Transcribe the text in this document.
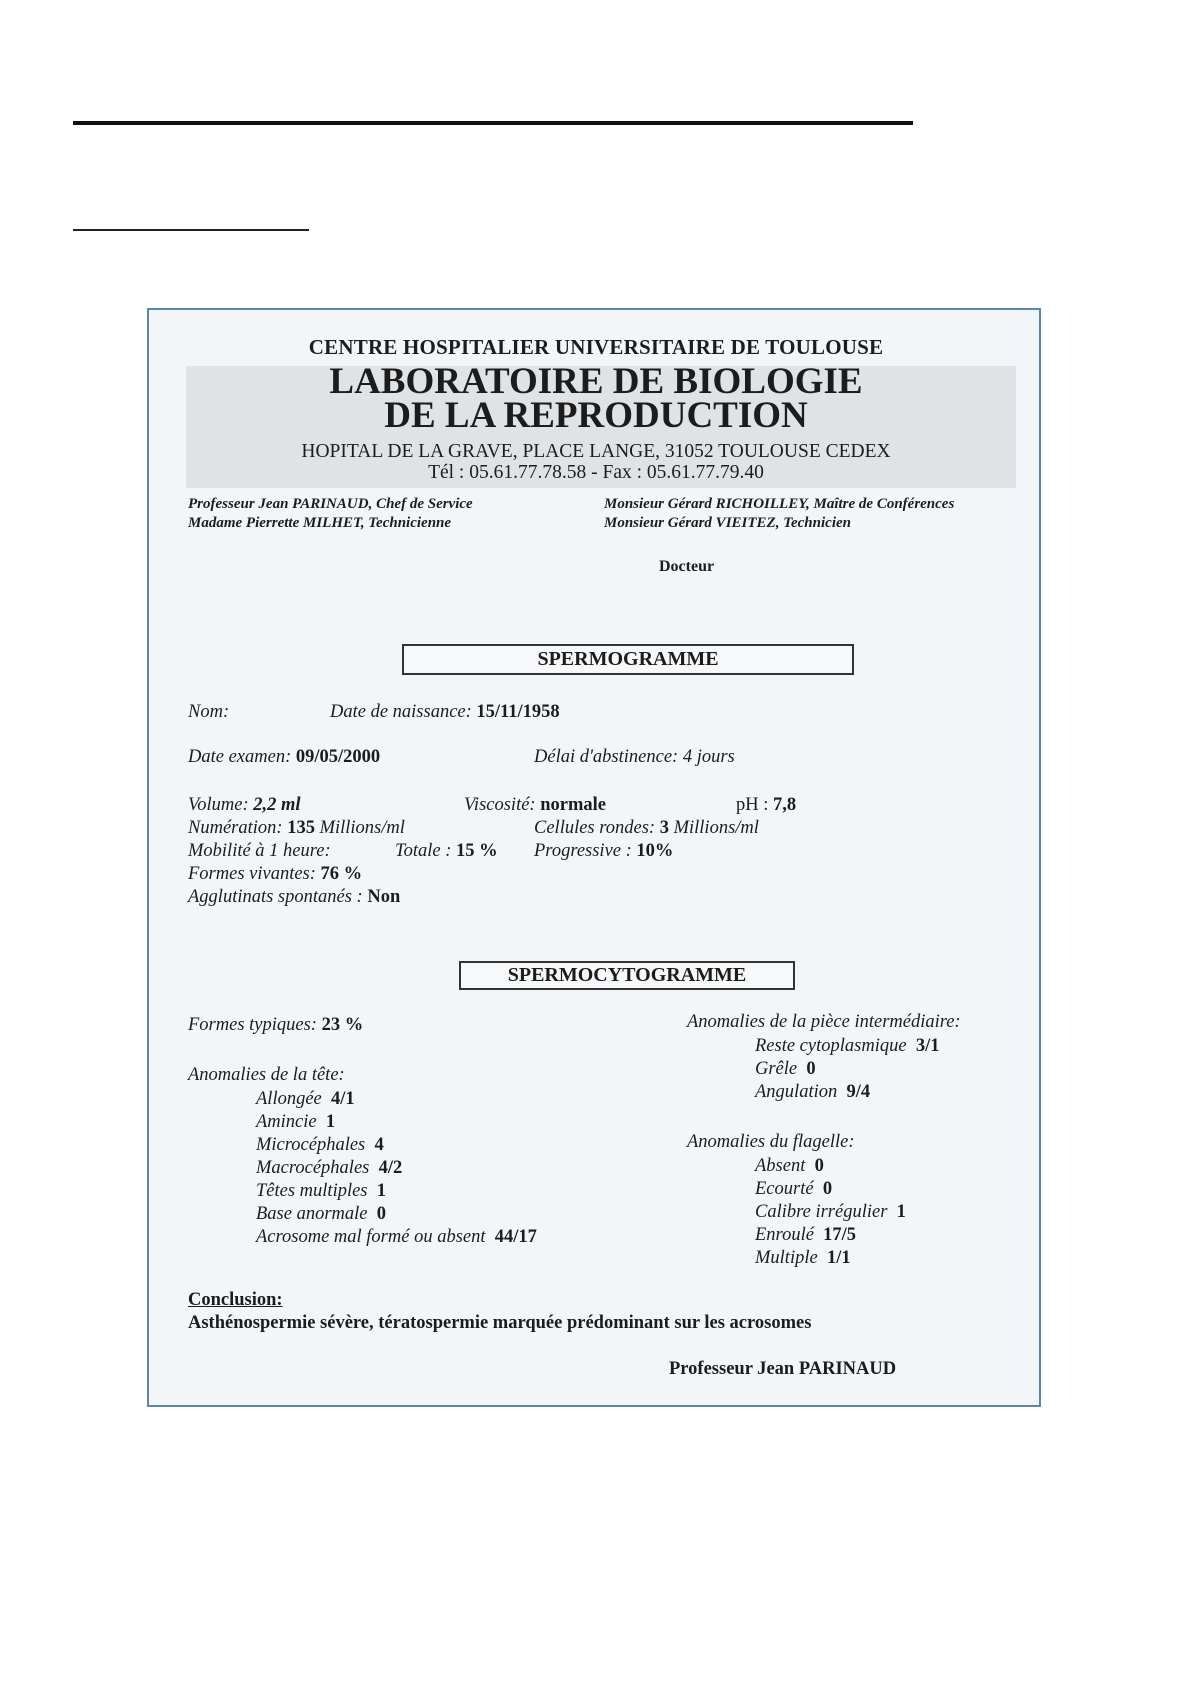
CENTRE HOSPITALIER UNIVERSITAIRE DE TOULOUSE
LABORATOIRE DE BIOLOGIE
DE LA REPRODUCTION
HOPITAL DE LA GRAVE, PLACE LANGE, 31052 TOULOUSE CEDEX
Tél : 05.61.77.78.58 - Fax : 05.61.77.79.40
Professeur Jean PARINAUD, Chef de Service
Madame Pierrette MILHET, Technicienne
Monsieur Gérard RICHOILLEY, Maître de Conférences
Monsieur Gérard VIEITEZ, Technicien
Docteur
SPERMOGRAMME
Nom:	Date de naissance: 15/11/1958
Date examen: 09/05/2000	Délai d'abstinence: 4 jours
Volume: 2,2 ml	Viscosité: normale	pH : 7,8
Numération: 135 Millions/ml	Cellules rondes: 3 Millions/ml
Mobilité à 1 heure:	Totale : 15 % Progressive : 10%
Formes vivantes: 76 %
Agglutinats spontanés : Non
SPERMOCYTOGRAMME
Formes typiques: 23 %
Anomalies de la tête:
Allongée 4/1
Amincie 1
Microcéphales 4
Macrocéphales 4/2
Têtes multiples 1
Base anormale 0
Acrosome mal formé ou absent 44/17
Anomalies de la pièce intermédiaire:
Reste cytoplasmique 3/1
Grêle 0
Angulation 9/4
Anomalies du flagelle:
Absent 0
Ecourté 0
Calibre irrégulier 1
Enroulé 17/5
Multiple 1/1
Conclusion:
Asthénospermie sévère, tératospermie marquée prédominant sur les acrosomes
Professeur Jean PARINAUD
